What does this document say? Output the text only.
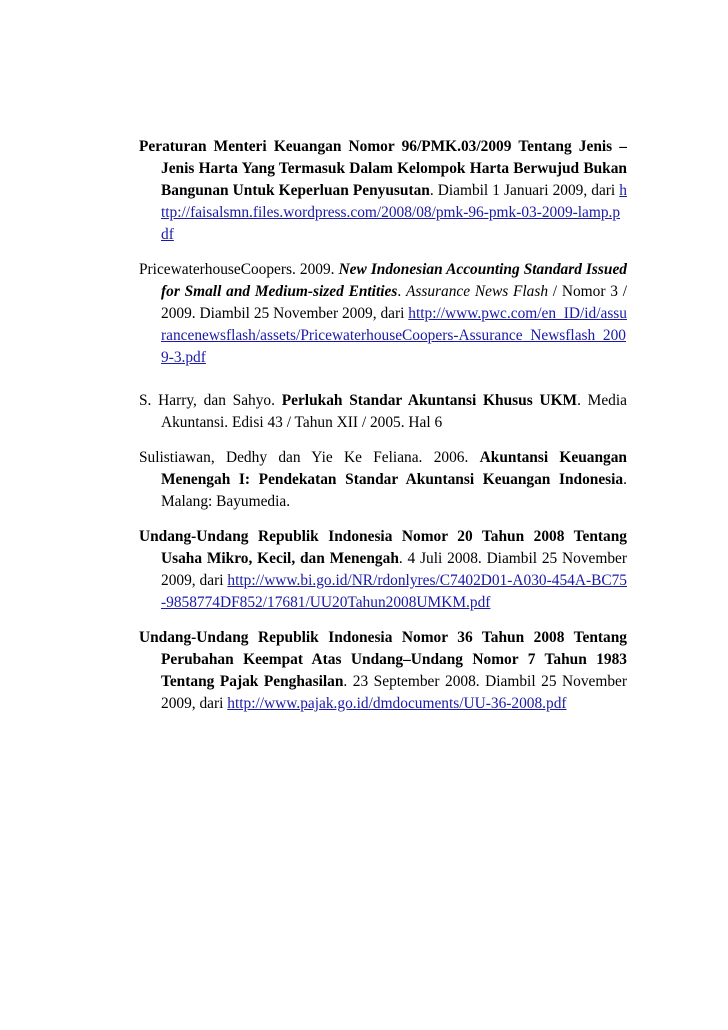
Peraturan Menteri Keuangan Nomor 96/PMK.03/2009 Tentang Jenis – Jenis Harta Yang Termasuk Dalam Kelompok Harta Berwujud Bukan Bangunan Untuk Keperluan Penyusutan. Diambil 1 Januari 2009, dari http://faisalsmn.files.wordpress.com/2008/08/pmk-96-pmk-03-2009-lamp.pdf

PricewaterhouseCoopers. 2009. New Indonesian Accounting Standard Issued for Small and Medium-sized Entities. Assurance News Flash / Nomor 3 / 2009. Diambil 25 November 2009, dari http://www.pwc.com/en_ID/id/assurancenewsflash/assets/PricewaterhouseCoopers-Assurance_Newsflash_2009-3.pdf

S. Harry, dan Sahyo. Perlukah Standar Akuntansi Khusus UKM. Media Akuntansi. Edisi 43 / Tahun XII / 2005. Hal 6

Sulistiawan, Dedhy dan Yie Ke Feliana. 2006. Akuntansi Keuangan Menengah I: Pendekatan Standar Akuntansi Keuangan Indonesia. Malang: Bayumedia.

Undang-Undang Republik Indonesia Nomor 20 Tahun 2008 Tentang Usaha Mikro, Kecil, dan Menengah. 4 Juli 2008. Diambil 25 November 2009, dari http://www.bi.go.id/NR/rdonlyres/C7402D01-A030-454A-BC75-9858774DF852/17681/UU20Tahun2008UMKM.pdf

Undang-Undang Republik Indonesia Nomor 36 Tahun 2008 Tentang Perubahan Keempat Atas Undang–Undang Nomor 7 Tahun 1983 Tentang Pajak Penghasilan. 23 September 2008. Diambil 25 November 2009, dari http://www.pajak.go.id/dmdocuments/UU-36-2008.pdf
